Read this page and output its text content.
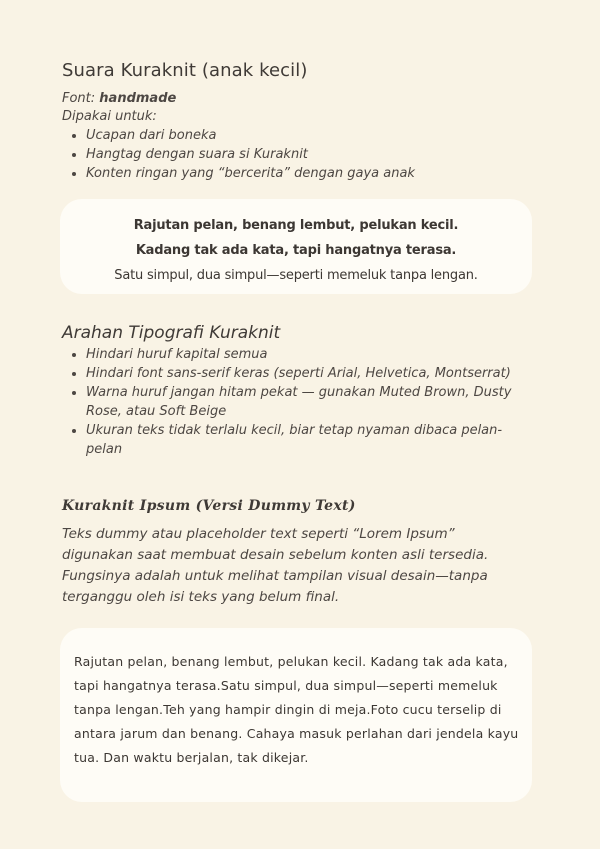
Suara Kuraknit (anak kecil)
Font: handmade
Dipakai untuk:
• Ucapan dari boneka
• Hangtag dengan suara si Kuraknit
• Konten ringan yang “bercerita” dengan gaya anak
Rajutan pelan, benang lembut, pelukan kecil.
Kadang tak ada kata, tapi hangatnya terasa.
Satu simpul, dua simpul—seperti memeluk tanpa lengan.
Arahan Tipografi Kuraknit
• Hindari huruf kapital semua
• Hindari font sans-serif keras (seperti Arial, Helvetica, Montserrat)
• Warna huruf jangan hitam pekat — gunakan Muted Brown, Dusty Rose, atau Soft Beige
• Ukuran teks tidak terlalu kecil, biar tetap nyaman dibaca pelan-pelan
Kuraknit Ipsum (Versi Dummy Text)

Teks dummy atau placeholder text seperti “Lorem Ipsum” digunakan saat membuat desain sebelum konten asli tersedia. Fungsinya adalah untuk melihat tampilan visual desain—tanpa terganggu oleh isi teks yang belum final.

Rajutan pelan, benang lembut, pelukan kecil. Kadang tak ada kata, tapi hangatnya terasa.Satu simpul, dua simpul—seperti memeluk tanpa lengan.Teh yang hampir dingin di meja.Foto cucu terselip di antara jarum dan benang. Cahaya masuk perlahan dari jendela kayu tua. Dan waktu berjalan, tak dikejar.
